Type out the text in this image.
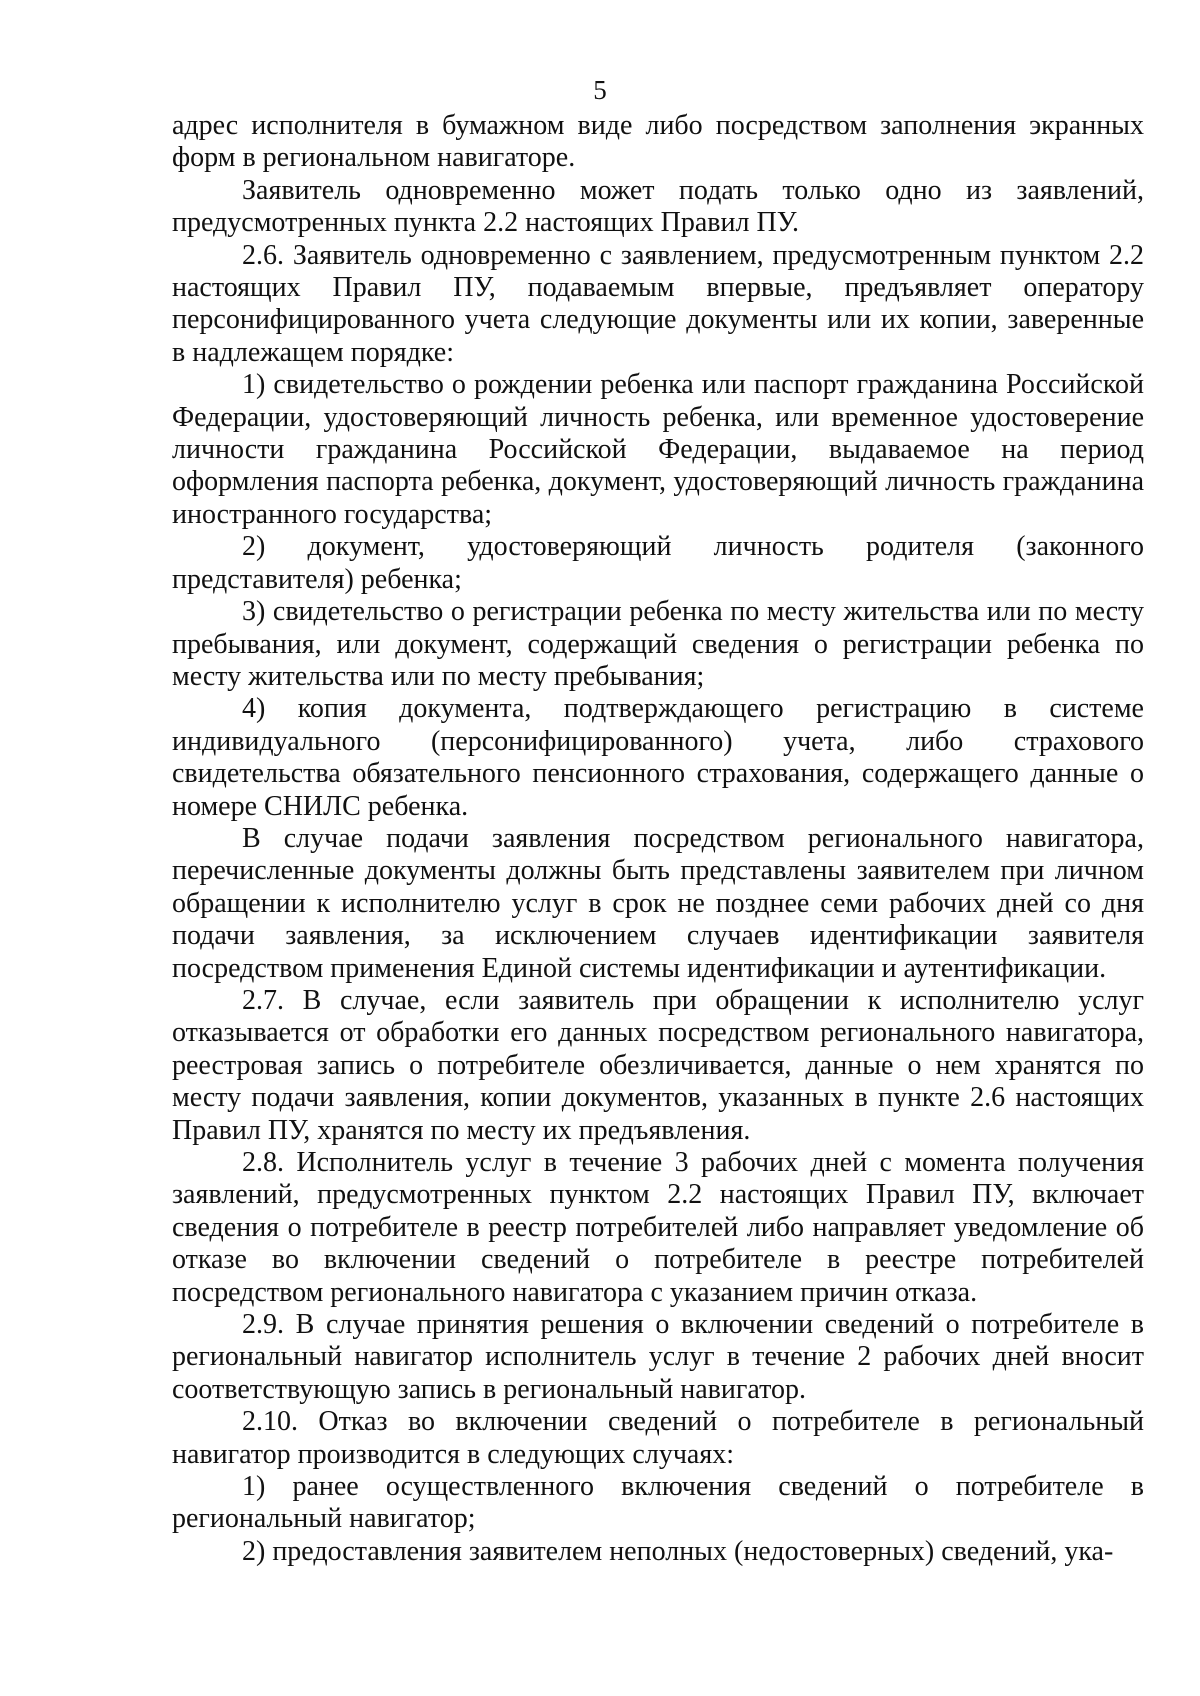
5

адрес исполнителя в бумажном виде либо посредством заполнения экранных форм в региональном навигаторе.

Заявитель одновременно может подать только одно из заявлений, предусмотренных пункта 2.2 настоящих Правил ПУ.

2.6. Заявитель одновременно с заявлением, предусмотренным пунктом 2.2 настоящих Правил ПУ, подаваемым впервые, предъявляет оператору персонифицированного учета следующие документы или их копии, заверенные в надлежащем порядке:

1) свидетельство о рождении ребенка или паспорт гражданина Российской Федерации, удостоверяющий личность ребенка, или временное удостоверение личности гражданина Российской Федерации, выдаваемое на период оформления паспорта ребенка, документ, удостоверяющий личность гражданина иностранного государства;

2) документ, удостоверяющий личность родителя (законного представителя) ребенка;

3) свидетельство о регистрации ребенка по месту жительства или по месту пребывания, или документ, содержащий сведения о регистрации ребенка по месту жительства или по месту пребывания;

4) копия документа, подтверждающего регистрацию в системе индивидуального (персонифицированного) учета, либо страхового свидетельства обязательного пенсионного страхования, содержащего данные о номере СНИЛС ребенка.

В случае подачи заявления посредством регионального навигатора, перечисленные документы должны быть представлены заявителем при личном обращении к исполнителю услуг в срок не позднее семи рабочих дней со дня подачи заявления, за исключением случаев идентификации заявителя посредством применения Единой системы идентификации и аутентификации.

2.7. В случае, если заявитель при обращении к исполнителю услуг отказывается от обработки его данных посредством регионального навигатора, реестровая запись о потребителе обезличивается, данные о нем хранятся по месту подачи заявления, копии документов, указанных в пункте 2.6 настоящих Правил ПУ, хранятся по месту их предъявления.

2.8. Исполнитель услуг в течение 3 рабочих дней с момента получения заявлений, предусмотренных пунктом 2.2 настоящих Правил ПУ, включает сведения о потребителе в реестр потребителей либо направляет уведомление об отказе во включении сведений о потребителе в реестре потребителей посредством регионального навигатора с указанием причин отказа.

2.9. В случае принятия решения о включении сведений о потребителе в региональный навигатор исполнитель услуг в течение 2 рабочих дней вносит соответствующую запись в региональный навигатор.

2.10. Отказ во включении сведений о потребителе в региональный навигатор производится в следующих случаях:

1) ранее осуществленного включения сведений о потребителе в региональный навигатор;

2) предоставления заявителем неполных (недостоверных) сведений, ука-
